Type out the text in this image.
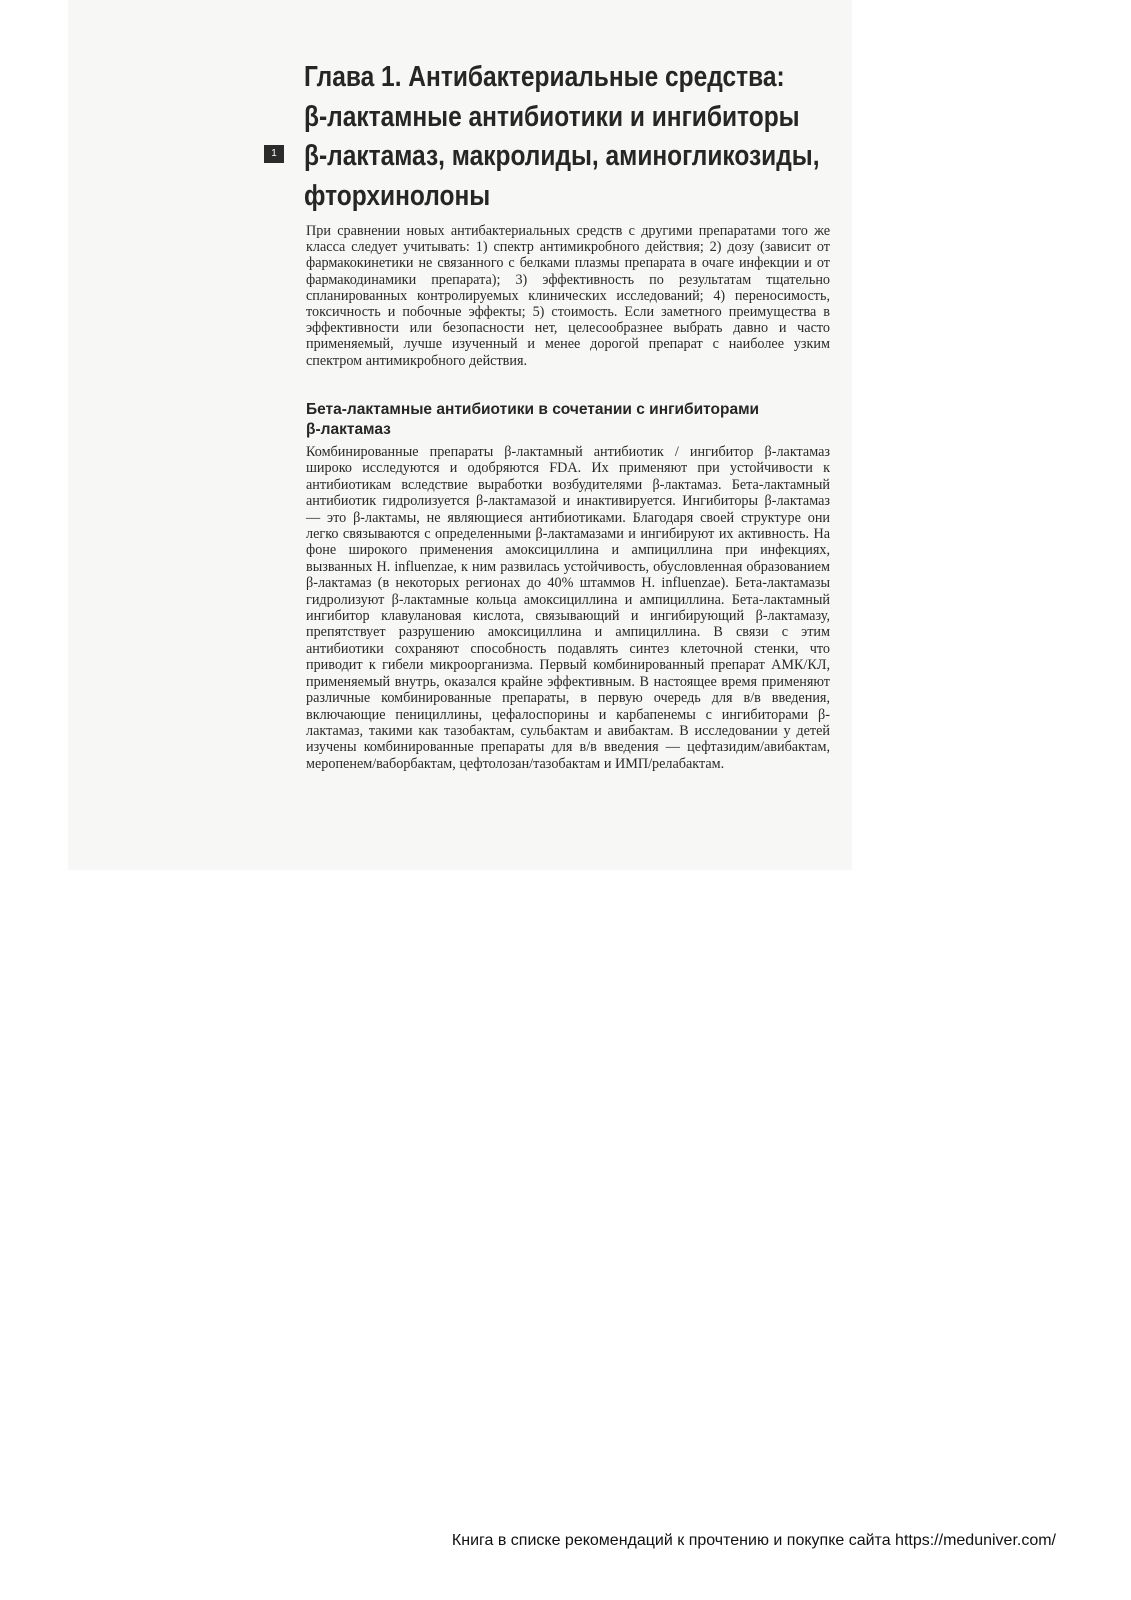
1
Глава 1. Антибактериальные средства:
β-лактамные антибиотики и ингибиторы
β-лактамаз, макролиды, аминогликозиды,
фторхинолоны

При сравнении новых антибактериальных средств с другими препаратами того же класса следует учитывать: 1) спектр антимикробного действия; 2) дозу (зависит от фармакокинетики не связанного с белками плазмы препарата в очаге инфекции и от фармакодинамики препарата); 3) эффективность по результатам тщательно спланированных контролируемых клинических исследований; 4) переносимость, токсичность и побочные эффекты; 5) стоимость. Если заметного преимущества в эффективности или безопасности нет, целесообразнее выбрать давно и часто применяемый, лучше изученный и менее дорогой препарат с наиболее узким спектром антимикробного действия.

Бета-лактамные антибиотики в сочетании с ингибиторами
β-лактамаз

Комбинированные препараты β-лактамный антибиотик / ингибитор β-лактамаз широко исследуются и одобряются FDA. Их применяют при устойчивости к антибиотикам вследствие выработки возбудителями β-лактамаз. Бета-лактамный антибиотик гидролизуется β-лактамазой и инактивируется. Ингибиторы β-лактамаз — это β-лактамы, не являющиеся антибиотиками. Благодаря своей структуре они легко связываются с определенными β-лактамазами и ингибируют их активность. На фоне широкого применения амоксициллина и ампициллина при инфекциях, вызванных H. influenzae, к ним развилась устойчивость, обусловленная образованием β-лактамаз (в некоторых регионах до 40% штаммов H. influenzae). Бета-лактамазы гидролизуют β-лактамные кольца амоксициллина и ампициллина. Бета-лактамный ингибитор клавулановая кислота, связывающий и ингибирующий β-лактамазу, препятствует разрушению амоксициллина и ампициллина. В связи с этим антибиотики сохраняют способность подавлять синтез клеточной стенки, что приводит к гибели микроорганизма. Первый комбинированный препарат АМК/КЛ, применяемый внутрь, оказался крайне эффективным. В настоящее время применяют различные комбинированные препараты, в первую очередь для в/в введения, включающие пенициллины, цефалоспорины и карбапенемы с ингибиторами β-лактамаз, такими как тазобактам, сульбактам и авибактам. В исследовании у детей изучены комбинированные препараты для в/в введения — цефтазидим/авибактам, меропенем/ваборбактам, цефтолозан/тазобактам и ИМП/релабактам.

Книга в списке рекомендаций к прочтению и покупке сайта https://meduniver.com/
